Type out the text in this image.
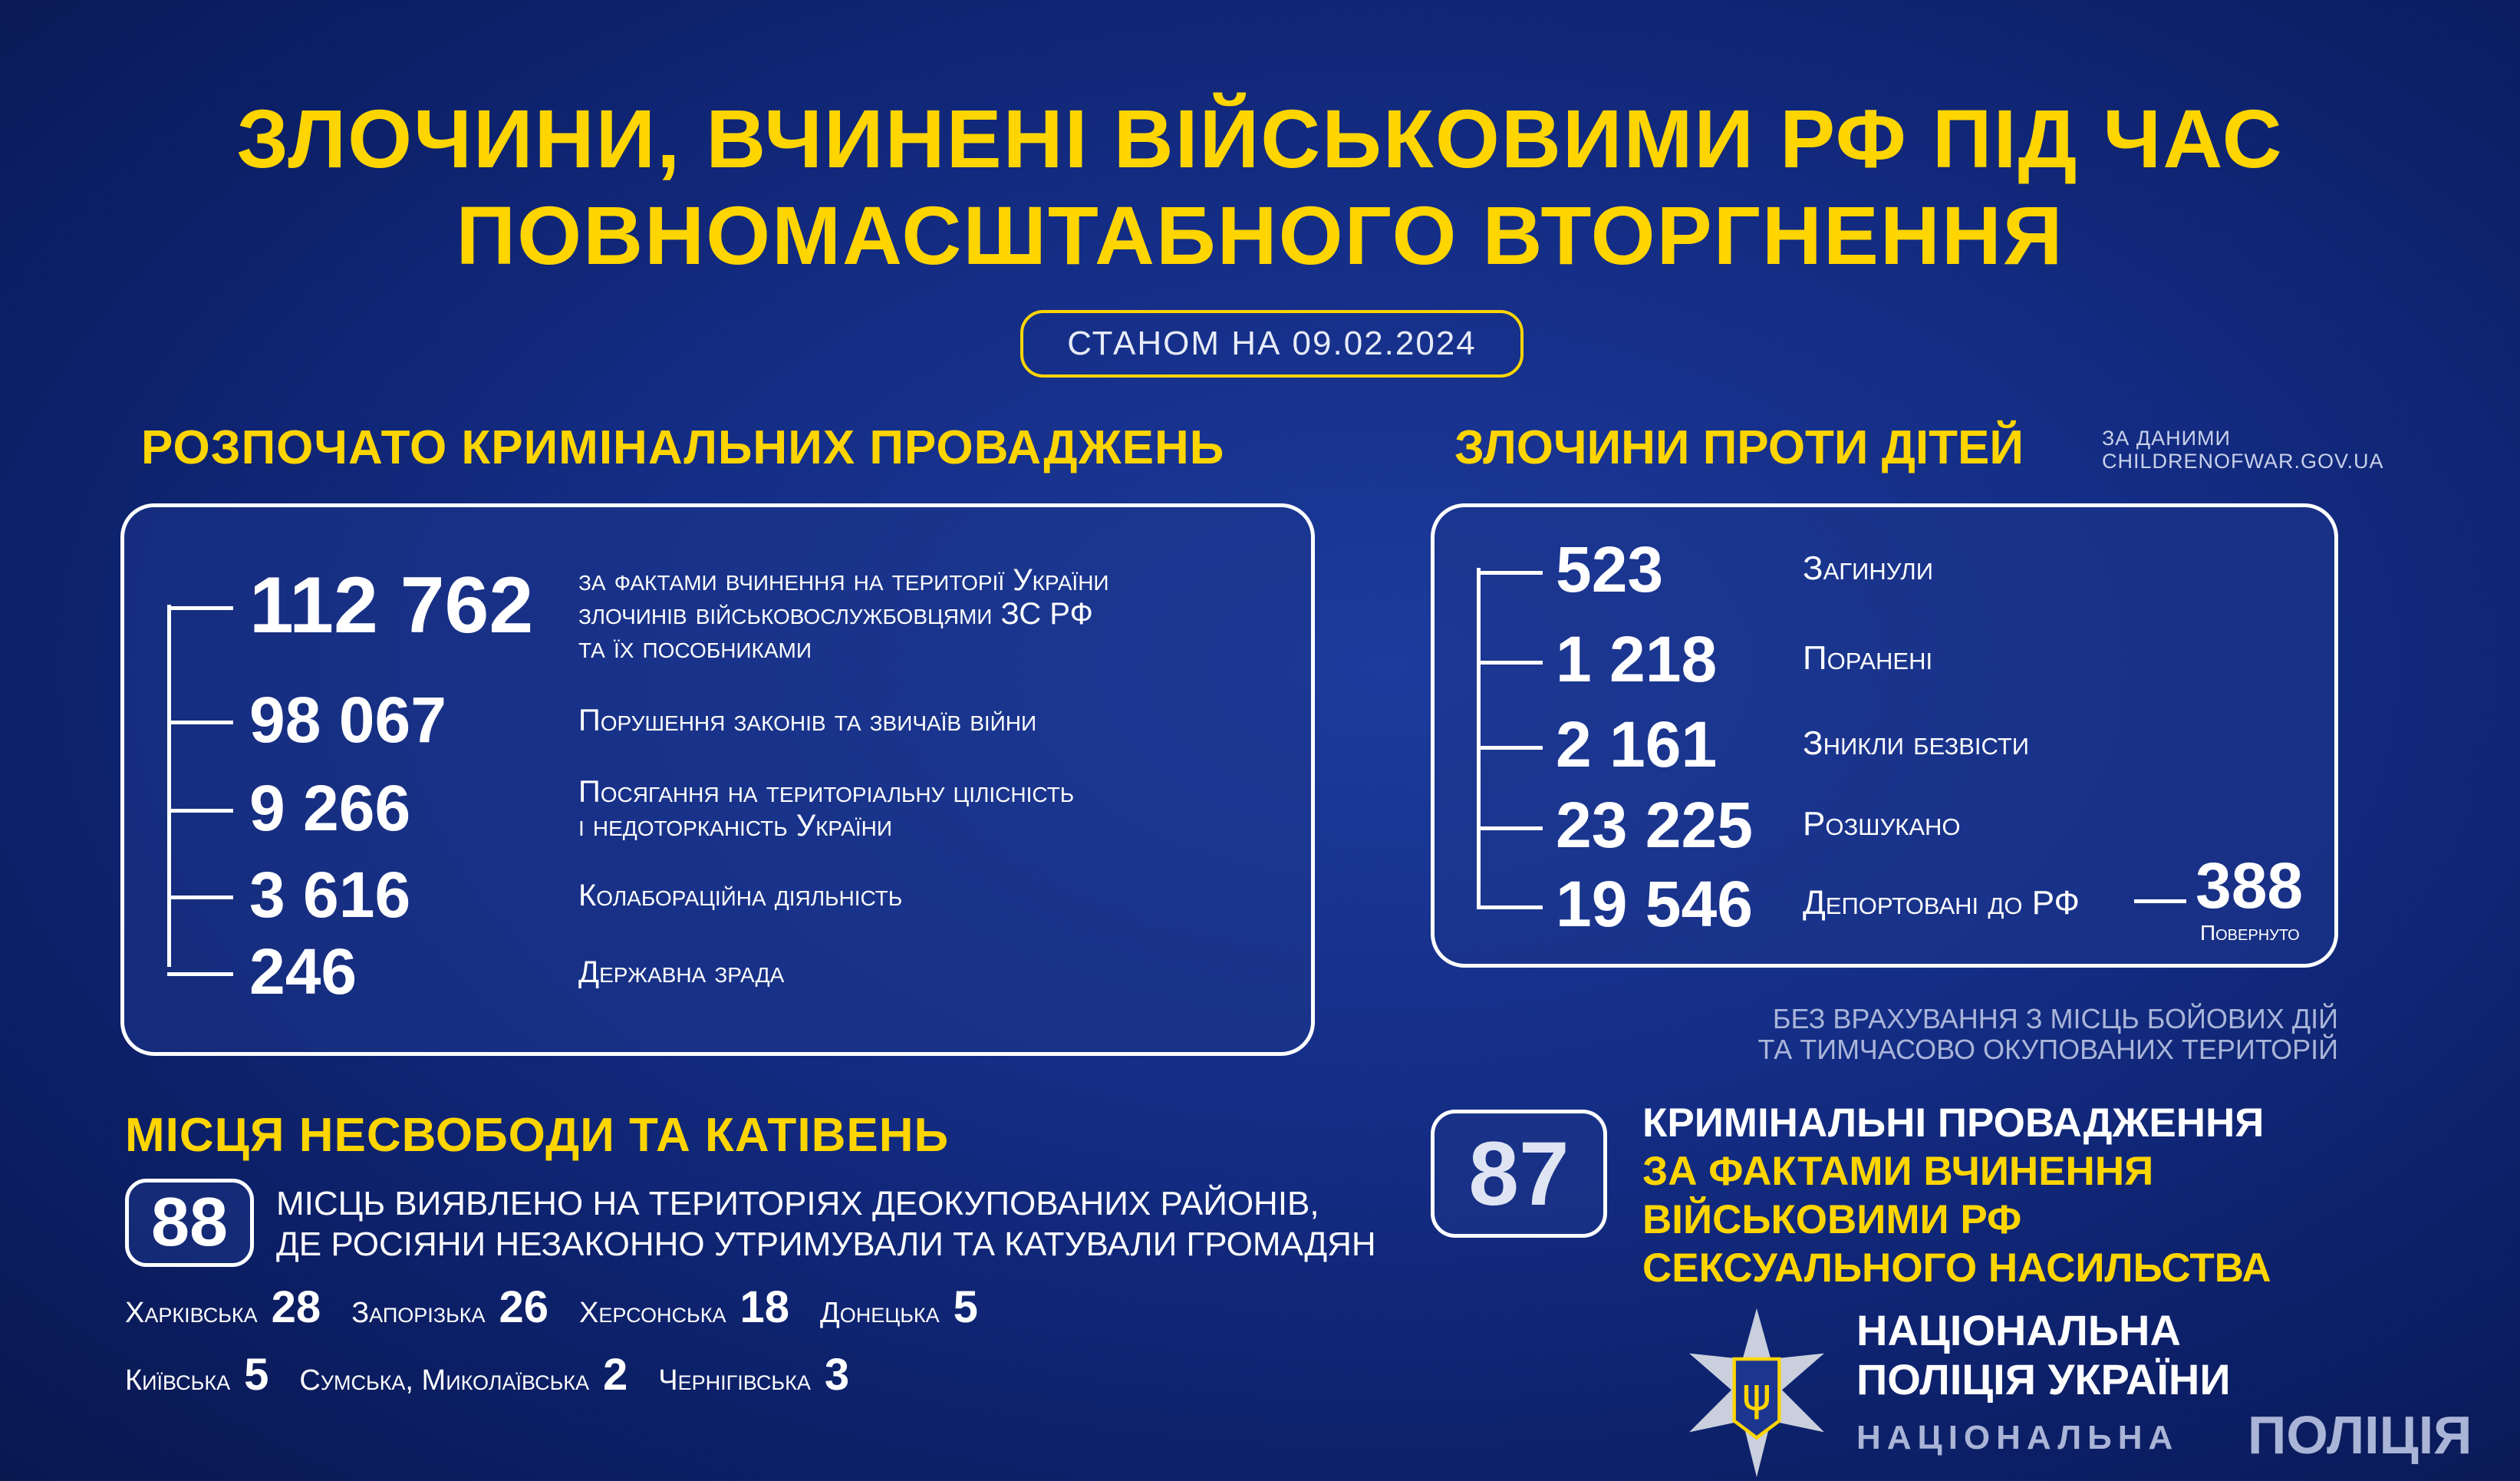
ЗЛОЧИНИ, ВЧИНЕНІ ВІЙСЬКОВИМИ РФ ПІД ЧАС
ПОВНОМАСШТАБНОГО ВТОРГНЕННЯ
СТАНОМ НА 09.02.2024
РОЗПОЧАТО КРИМІНАЛЬНИХ ПРОВАДЖЕНЬ
112 762 за фактами вчинення на території України
злочинів військовослужбовцями ЗС РФ
та їх пособниками
98 067	Порушення законів та звичаїв війни
9 266	Посягання на територіальну цілісність
і недоторканість України
3 616	Колабораційна діяльність
246	Державна зрада
ЗЛОЧИНИ ПРОТИ ДІТЕЙ	ЗА ДАНИМИ
CHILDRENOFWAR.GOV.UA
523	Загинули
1 218	Поранені
2 161	Зникли безвісти
23 225 Розшукано
19 546 Депортовані до РФ 388
Повернуто
БЕЗ ВРАХУВАННЯ З МІСЦЬ БОЙОВИХ ДІЙ
ТА ТИМЧАСОВО ОКУПОВАНИХ ТЕРИТОРІЙ
МІСЦЯ НЕСВОБОДИ ТА КАТІВЕНЬ
88	МІСЦЬ ВИЯВЛЕНО НА ТЕРИТОРІЯХ ДЕОКУПОВАНИХ РАЙОНІВ,
ДЕ РОСІЯНИ НЕЗАКОННО УТРИМУВАЛИ ТА КАТУВАЛИ ГРОМАДЯН
Харківська 28 Запорізька 26 Херсонська 18 Донецька 5
Київська 5 Сумська, Миколаївська 2 Чернігівська 3
87
КРИМІНАЛЬНІ ПРОВАДЖЕННЯ
ЗА ФАКТАМИ ВЧИНЕННЯ
ВІЙСЬКОВИМИ РФ
СЕКСУАЛЬНОГО НАСИЛЬСТВА
ψ
НАЦІОНАЛЬНА
ПОЛІЦІЯ УКРАЇНИ
НАЦІОНАЛЬНА ПОЛІЦІЯ
